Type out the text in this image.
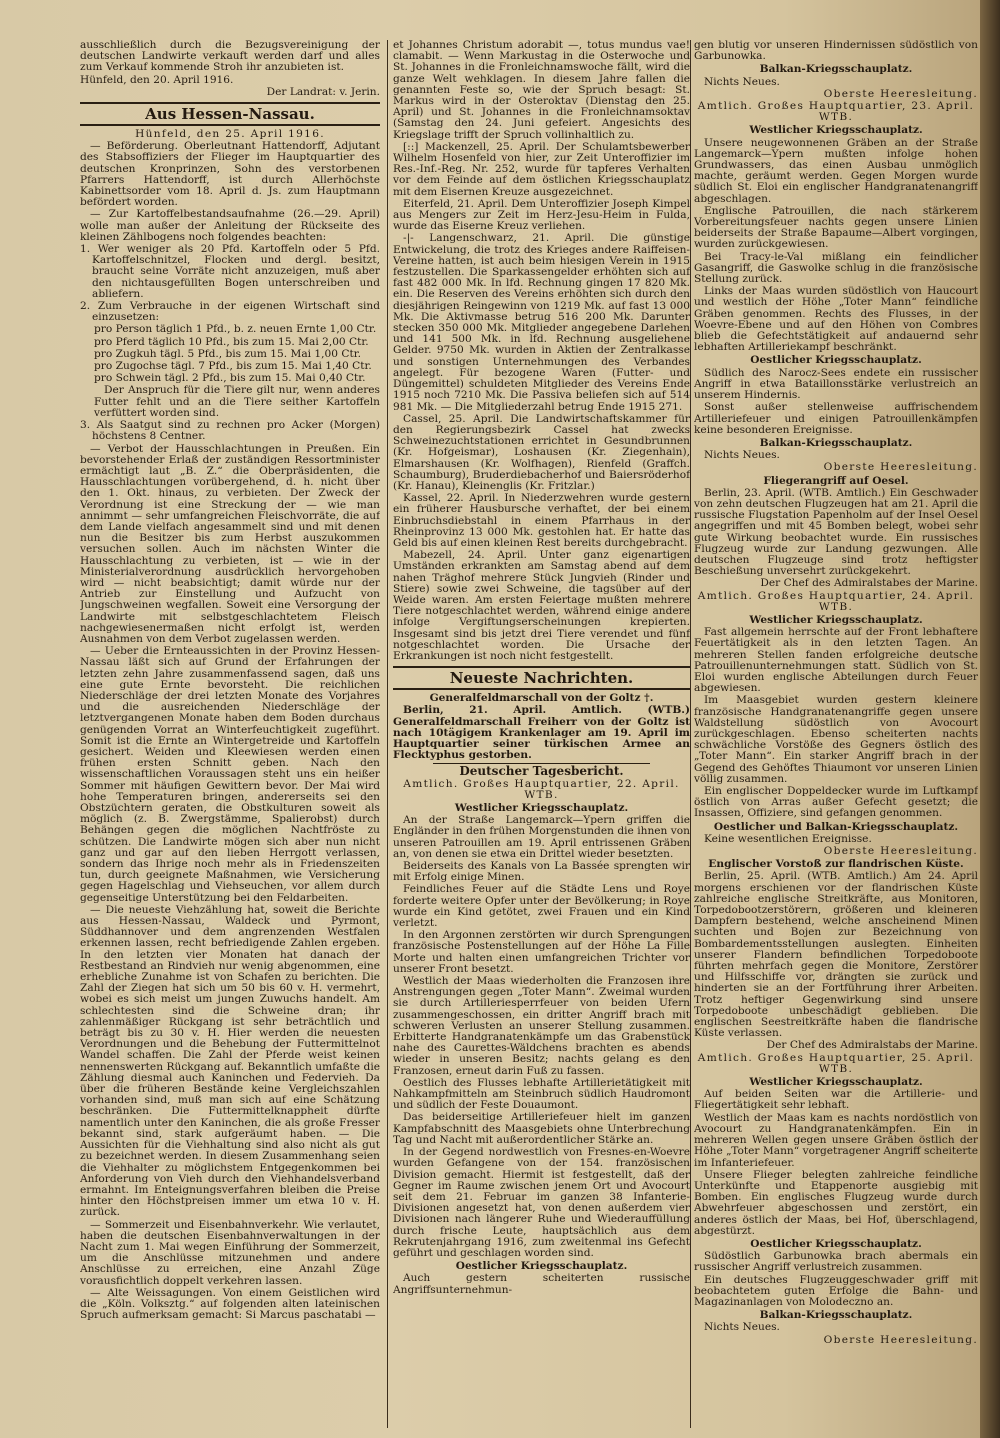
ausschließlich durch die Bezugsvereinigung der deutschen Landwirte verkauft werden darf und alles zum Verkauf kommende Stroh ihr anzubieten ist.

Hünfeld, den 20. April 1916.

Der Landrat: v. Jerin.

Aus Hessen-Nassau.

Hünfeld, den 25. April 1916.

— Beförderung. Oberleutnant Hattendorff, Adjutant des Stabsoffiziers der Flieger im Hauptquartier des deutschen Kronprinzen, Sohn des verstorbenen Pfarrers Hattendorff, ist durch Allerhöchste Kabinettsorder vom 18. April d. Js. zum Hauptmann befördert worden.

— Zur Kartoffelbestandsaufnahme (26.—29. April) wolle man außer der Anleitung der Rückseite des kleinen Zählbogens noch folgendes beachten:

1. Wer weniger als 20 Pfd. Kartoffeln oder 5 Pfd. Kartoffelschnitzel, Flocken und dergl. besitzt, braucht seine Vorräte nicht anzuzeigen, muß aber den nichtausgefüllten Bogen unterschreiben und abliefern.

2. Zum Verbrauche in der eigenen Wirtschaft sind einzusetzen:

pro Person täglich 1 Pfd., b. z. neuen Ernte 1,00 Ctr.

pro Pferd täglich 10 Pfd., bis zum 15. Mai 2,00 Ctr.

pro Zugkuh tägl. 5 Pfd., bis zum 15. Mai 1,00 Ctr.

pro Zugochse tägl. 7 Pfd., bis zum 15. Mai 1,40 Ctr.

pro Schwein tägl. 2 Pfd., bis zum 15. Mai 0,40 Ctr.

Der Anspruch für die Tiere gilt nur, wenn anderes Futter fehlt und an die Tiere seither Kartoffeln verfüttert worden sind.

3. Als Saatgut sind zu rechnen pro Acker (Morgen) höchstens 8 Centner.

— Verbot der Hausschlachtungen in Preußen. Ein bevorstehender Erlaß der zuständigen Ressortminister ermächtigt laut „B. Z.“ die Oberpräsidenten, die Hausschlachtungen vorübergehend, d. h. nicht über den 1. Okt. hinaus, zu verbieten. Der Zweck der Verordnung ist eine Streckung der — wie man annimmt — sehr umfangreichen Fleischvorräte, die auf dem Lande vielfach angesammelt sind und mit denen nun die Besitzer bis zum Herbst auszukommen versuchen sollen. Auch im nächsten Winter die Hausschlachtung zu verbieten, ist — wie in der Ministerialverordnung ausdrücklich hervorgehoben wird — nicht beabsichtigt; damit würde nur der Antrieb zur Einstellung und Aufzucht von Jungschweinen wegfallen. Soweit eine Versorgung der Landwirte mit selbstgeschlachtetem Fleisch nachgewiesenermaßen nicht erfolgt ist, werden Ausnahmen von dem Verbot zugelassen werden.

— Ueber die Ernteaussichten in der Provinz Hessen-Nassau läßt sich auf Grund der Erfahrungen der letzten zehn Jahre zusammenfassend sagen, daß uns eine gute Ernte bevorsteht. Die reichlichen Niederschläge der drei letzten Monate des Vorjahres und die ausreichenden Niederschläge der letztvergangenen Monate haben dem Boden durchaus genügenden Vorrat an Winterfeuchtigkeit zugeführt. Somit ist die Ernte an Wintergetreide und Kartoffeln gesichert. Weiden und Kleewiesen werden einen frühen ersten Schnitt geben. Nach den wissenschaftlichen Voraussagen steht uns ein heißer Sommer mit häufigen Gewittern bevor. Der Mai wird hohe Temperaturen bringen, andererseits sei den Obstzüchtern geraten, die Obstkulturen soweit als möglich (z. B. Zwergstämme, Spalierobst) durch Behängen gegen die möglichen Nachtfröste zu schützen. Die Landwirte mögen sich aber nun nicht ganz und gar auf den lieben Herrgott verlassen, sondern das Ihrige noch mehr als in Friedenszeiten tun, durch geeignete Maßnahmen, wie Versicherung gegen Hagelschlag und Viehseuchen, vor allem durch gegenseitige Unterstützung bei den Feldarbeiten.

— Die neueste Viehzählung hat, soweit die Berichte aus Hessen-Nassau, Waldeck und Pyrmont, Süddhannover und dem angrenzenden Westfalen erkennen lassen, recht befriedigende Zahlen ergeben. In den letzten vier Monaten hat danach der Restbestand an Rindvieh nur wenig abgenommen, eine erhebliche Zunahme ist von Schafen zu berichten. Die Zahl der Ziegen hat sich um 50 bis 60 v. H. vermehrt, wobei es sich meist um jungen Zuwuchs handelt. Am schlechtesten sind die Schweine dran; ihr zahlenmäßiger Rückgang ist sehr beträchtlich und beträgt bis zu 30 v. H. Hier werden die neuesten Verordnungen und die Behebung der Futtermittelnot Wandel schaffen. Die Zahl der Pferde weist keinen nennenswerten Rückgang auf. Bekanntlich umfaßte die Zählung diesmal auch Kaninchen und Federvieh. Da über die früheren Bestände keine Vergleichszahlen vorhanden sind, muß man sich auf eine Schätzung beschränken. Die Futtermittelknappheit dürfte namentlich unter den Kaninchen, die als große Fresser bekannt sind, stark aufgeräumt haben. — Die Aussichten für die Viehhaltung sind also nicht als gut zu bezeichnet werden. In diesem Zusammenhang seien die Viehhalter zu möglichstem Entgegenkommen bei Anforderung von Vieh durch den Viehhandelsverband ermahnt. Im Enteignungsverfahren bleiben die Preise hinter den Höchstpreisen immer um etwa 10 v. H. zurück.

— Sommerzeit und Eisenbahnverkehr. Wie verlautet, haben die deutschen Eisenbahnverwaltungen in der Nacht zum 1. Mai wegen Einführung der Sommerzeit, um die Anschlüsse mitzunehmen und andere Anschlüsse zu erreichen, eine Anzahl Züge vorausfichtlich doppelt verkehren lassen.

— Alte Weissagungen. Von einem Geistlichen wird die „Köln. Volksztg.“ auf folgenden alten lateinischen Spruch aufmerksam gemacht: Si Marcus paschatabi —

et Johannes Christum adorabit —, totus mundus vae! clamabit. — Wenn Markustag in die Osterwoche und St. Johannes in die Fronleichnamswoche fällt, wird die ganze Welt wehklagen. In diesem Jahre fallen die genannten Feste so, wie der Spruch besagt: St. Markus wird in der Osteroktav (Dienstag den 25. April) und St. Johannes in die Fronleichnamsoktav (Samstag den 24. Juni gefeiert. Angesichts des Kriegslage trifft der Spruch vollinhaltlich zu.

[::] Mackenzell, 25. April. Der Schulamtsbewerber Wilhelm Hosenfeld von hier, zur Zeit Unteroffizier im Res.-Inf.-Reg. Nr. 252, wurde für tapferes Verhalten vor dem Feinde auf dem östlichen Kriegsschauplatz mit dem Eisernen Kreuze ausgezeichnet.

Eiterfeld, 21. April. Dem Unteroffizier Joseph Kimpel aus Mengers zur Zeit im Herz-Jesu-Heim in Fulda, wurde das Eiserne Kreuz verliehen.

-|- Langenschwarz, 21. April. Die günstige Entwickelung, die trotz des Krieges andere Raiffeisen-Vereine hatten, ist auch beim hiesigen Verein in 1915 festzustellen. Die Sparkassengelder erhöhten sich auf fast 482 000 Mk. In lfd. Rechnung gingen 17 820 Mk. ein. Die Reserven des Vereins erhöhten sich durch den diesjährigen Reingewinn von 1219 Mk. auf fast 13 000 Mk. Die Aktivmasse betrug 516 200 Mk. Darunter stecken 350 000 Mk. Mitglieder angegebene Darlehen und 141 500 Mk. in lfd. Rechnung ausgeliehene Gelder. 9750 Mk. wurden in Aktien der Zentralkasse und sonstigen Unternehmungen des Verbandes angelegt. Für bezogene Waren (Futter- und Düngemittel) schuldeten Mitglieder des Vereins Ende 1915 noch 7210 Mk. Die Passiva beliefen sich auf 514 981 Mk. — Die Mitgliederzahl betrug Ende 1915 271.

Cassel, 25. April. Die Landwirtschaftskammer für den Regierungsbezirk Cassel hat zwecks Schweinezuchtstationen errichtet in Gesundbrunnen (Kr. Hofgeismar), Loshausen (Kr. Ziegenhain), Elmarshausen (Kr. Wolfhagen), Rienfeld (Graffch. Schaumburg), Bruderdiebacherhof und Baiersröderhof (Kr. Hanau), Kleinenglis (Kr. Fritzlar.)

Kassel, 22. April. In Niederzwehren wurde gestern ein früherer Hausbursche verhaftet, der bei einem Einbruchsdiebstahl in einem Pfarrhaus in der Rheinprovinz 13 000 Mk. gestohlen hat. Er hatte das Geld bis auf einen kleinen Rest bereits durchgebracht.

Mabezell, 24. April. Unter ganz eigenartigen Umständen erkrankten am Samstag abend auf dem nahen Träghof mehrere Stück Jungvieh (Rinder und Stiere) sowie zwei Schweine, die tagsüber auf der Weide waren. Am ersten Feiertage mußten mehrere Tiere notgeschlachtet werden, während einige andere infolge Vergiftungserscheinungen krepierten. Insgesamt sind bis jetzt drei Tiere verendet und fünf notgeschlachtet worden. Die Ursache der Erkrankungen ist noch nicht festgestellt.

Neueste Nachrichten.
Generalfeldmarschall von der Goltz †.

Berlin, 21. April. Amtlich. (WTB.) Generalfeldmarschall Freiherr von der Goltz ist nach 10tägigem Krankenlager am 19. April im Hauptquartier seiner türkischen Armee an Flecktyphus gestorben.

Deutscher Tagesbericht.

Amtlich. Großes Hauptquartier, 22. April. WTB.

Westlicher Kriegsschauplatz.

An der Straße Langemarck—Ypern griffen die Engländer in den frühen Morgenstunden die ihnen von unseren Patrouillen am 19. April entrissenen Gräben an, von denen sie etwa ein Drittel wieder besetzten.

Beiderseits des Kanals von La Bassée sprengten wir mit Erfolg einige Minen.

Feindliches Feuer auf die Städte Lens und Roye forderte weitere Opfer unter der Bevölkerung; in Roye wurde ein Kind getötet, zwei Frauen und ein Kind verletzt.

In den Argonnen zerstörten wir durch Sprengungen französische Postenstellungen auf der Höhe La Fille Morte und halten einen umfangreichen Trichter vor unserer Front besetzt.

Westlich der Maas wiederholten die Franzosen ihre Anstrengungen gegen „Toter Mann“. Zweimal wurden sie durch Artilleriesperrfeuer von beiden Ufern zusammengeschossen, ein dritter Angriff brach mit schweren Verlusten an unserer Stellung zusammen. Erbitterte Handgranatenkämpfe um das Grabenstück nahe des Caurettes-Wäldchens brachten es abends wieder in unseren Besitz; nachts gelang es den Franzosen, erneut darin Fuß zu fassen.

Oestlich des Flusses lebhafte Artillerietätigkeit mit Nahkampfmitteln am Steinbruch südlich Haudromont und südlich der Feste Douaumont.

Das beiderseitige Artilleriefeuer hielt im ganzen Kampfabschnitt des Maasgebiets ohne Unterbrechung Tag und Nacht mit außerordentlicher Stärke an.

In der Gegend nordwestlich von Fresnes-en-Woevre wurden Gefangene von der 154. französischen Division gemacht. Hiermit ist festgestellt, daß der Gegner im Raume zwischen jenem Ort und Avocourt seit dem 21. Februar im ganzen 38 Infanterie-Divisionen angesetzt hat, von denen außerdem vier Divisionen nach längerer Ruhe und Wiederauffüllung durch frische Leute, hauptsächlich aus dem Rekrutenjahrgang 1916, zum zweitenmal ins Gefecht geführt und geschlagen worden sind.

Oestlicher Kriegsschauplatz.

Auch gestern scheiterten russische Angriffsunternehmun-

gen blutig vor unseren Hindernissen südöstlich von Garbunowka.

Balkan-Kriegsschauplatz.

Nichts Neues.

Oberste Heeresleitung.

Amtlich. Großes Hauptquartier, 23. April. WTB.

Westlicher Kriegsschauplatz.

Unsere neugewonnenen Gräben an der Straße Langemarck—Ypern mußten infolge hohen Grundwassers, das einen Ausbau unmöglich machte, geräumt werden. Gegen Morgen wurde südlich St. Eloi ein englischer Handgranatenangriff abgeschlagen.

Englische Patrouillen, die nach stärkerem Vorbereitungsfeuer nachts gegen unsere Linien beiderseits der Straße Bapaume—Albert vorgingen, wurden zurückgewiesen.

Bei Tracy-le-Val mißlang ein feindlicher Gasangriff, die Gaswolke schlug in die französische Stellung zurück.

Links der Maas wurden südöstlich von Haucourt und westlich der Höhe „Toter Mann“ feindliche Gräben genommen. Rechts des Flusses, in der Woevre-Ebene und auf den Höhen von Combres blieb die Gefechtstätigkeit auf andauernd sehr lebhaften Artilleriekampf beschränkt.

Oestlicher Kriegsschauplatz.

Südlich des Narocz-Sees endete ein russischer Angriff in etwa Bataillonsstärke verlustreich an unserem Hindernis.

Sonst außer stellenweise auffrischendem Artilleriefeuer und einigen Patrouillenkämpfen keine besonderen Ereignisse.

Balkan-Kriegsschauplatz.

Nichts Neues.

Oberste Heeresleitung.

Fliegerangriff auf Oesel.

Berlin, 23. April. (WTB. Amtlich.) Ein Geschwader von zehn deutschen Flugzeugen hat am 21. April die russische Flugstation Papenholm auf der Insel Oesel angegriffen und mit 45 Bomben belegt, wobei sehr gute Wirkung beobachtet wurde. Ein russisches Flugzeug wurde zur Landung gezwungen. Alle deutschen Flugzeuge sind trotz heftigster Beschießung unversehrt zurückgekehrt.

Der Chef des Admiralstabes der Marine.

Amtlich. Großes Hauptquartier, 24. April. WTB.

Westlicher Kriegsschauplatz.

Fast allgemein herrschte auf der Front lebhaftere Feuertätigkeit als in den letzten Tagen. An mehreren Stellen fanden erfolgreiche deutsche Patrouillenunternehmungen statt. Südlich von St. Eloi wurden englische Abteilungen durch Feuer abgewiesen.

Im Maasgebiet wurden gestern kleinere französische Handgranatenangriffe gegen unsere Waldstellung südöstlich von Avocourt zurückgeschlagen. Ebenso scheiterten nachts schwächliche Vorstöße des Gegners östlich des „Toter Mann“. Ein starker Angriff brach in der Gegend des Gehöftes Thiaumont vor unseren Linien völlig zusammen.

Ein englischer Doppeldecker wurde im Luftkampf östlich von Arras außer Gefecht gesetzt; die Insassen, Offiziere, sind gefangen genommen.

Oestlicher und Balkan-Kriegsschauplatz.

Keine wesentlichen Ereignisse.

Oberste Heeresleitung.

Englischer Vorstoß zur flandrischen Küste.

Berlin, 25. April. (WTB. Amtlich.) Am 24. April morgens erschienen vor der flandrischen Küste zahlreiche englische Streitkräfte, aus Monitoren, Torpedobootzerstörern, größeren und kleineren Dampfern bestehend, welche anscheinend Minen suchten und Bojen zur Bezeichnung von Bombardementsstellungen auslegten. Einheiten unserer Flandern befindlichen Torpedoboote führten mehrfach gegen die Monitore, Zerstörer und Hilfsschiffe vor, drängten sie zurück und hinderten sie an der Fortführung ihrer Arbeiten. Trotz heftiger Gegenwirkung sind unsere Torpedoboote unbeschädigt geblieben. Die englischen Seestreitkräfte haben die flandrische Küste verlassen.

Der Chef des Admiralstabs der Marine.

Amtlich. Großes Hauptquartier, 25. April. WTB.

Westlicher Kriegsschauplatz.

Auf beiden Seiten war die Artillerie- und Fliegertätigkeit sehr lebhaft.

Westlich der Maas kam es nachts nordöstlich von Avocourt zu Handgranatenkämpfen. Ein in mehreren Wellen gegen unsere Gräben östlich der Höhe „Toter Mann“ vorgetragener Angriff scheiterte im Infanteriefeuer.

Unsere Flieger belegten zahlreiche feindliche Unterkünfte und Etappenorte ausgiebig mit Bomben. Ein englisches Flugzeug wurde durch Abwehrfeuer abgeschossen und zerstört, ein anderes östlich der Maas, bei Hof, überschlagend, abgestürzt.

Oestlicher Kriegsschauplatz.

Südöstlich Garbunowka brach abermals ein russischer Angriff verlustreich zusammen.

Ein deutsches Flugzeuggeschwader griff mit beobachtetem guten Erfolge die Bahn- und Magazinanlagen von Molodeczno an.

Balkan-Kriegsschauplatz.

Nichts Neues.

Oberste Heeresleitung.
